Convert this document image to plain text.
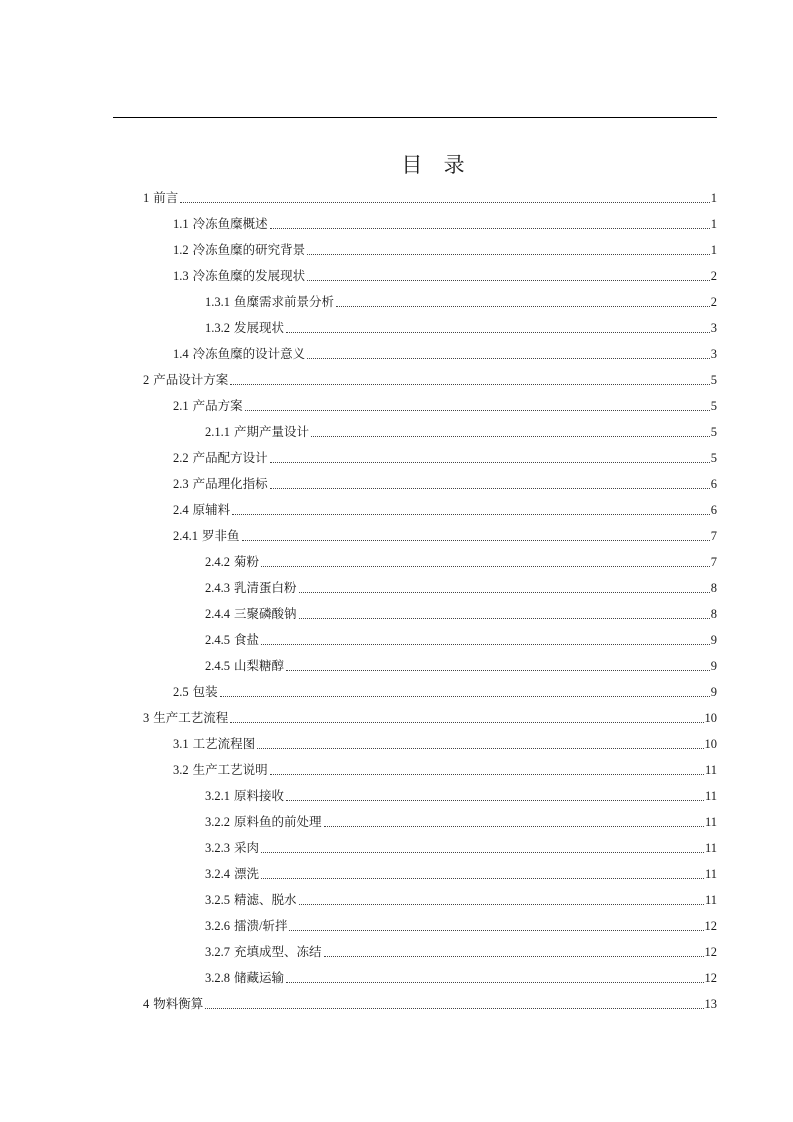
目 录
1 前言	1
1.1 冷冻鱼糜概述	1
1.2 冷冻鱼糜的研究背景	1
1.3 冷冻鱼糜的发展现状	2
1.3.1 鱼糜需求前景分析	2
1.3.2 发展现状	3
1.4 冷冻鱼糜的设计意义	3
2 产品设计方案	5
2.1 产品方案	5
2.1.1 产期产量设计	5
2.2 产品配方设计	5
2.3 产品理化指标	6
2.4 原辅料	6
2.4.1 罗非鱼	7
2.4.2 菊粉	7
2.4.3 乳清蛋白粉	8
2.4.4 三聚磷酸钠	8
2.4.5 食盐	9
2.4.5 山梨糖醇	9
2.5 包装	9
3 生产工艺流程	10
3.1 工艺流程图	10
3.2 生产工艺说明	11
3.2.1 原料接收	11
3.2.2 原料鱼的前处理	11
3.2.3 采肉	11
3.2.4 漂洗	11
3.2.5 精滤、脱水	11
3.2.6 擂溃/斩拌	12
3.2.7 充填成型、冻结	12
3.2.8 储藏运输	12
4 物料衡算	13
